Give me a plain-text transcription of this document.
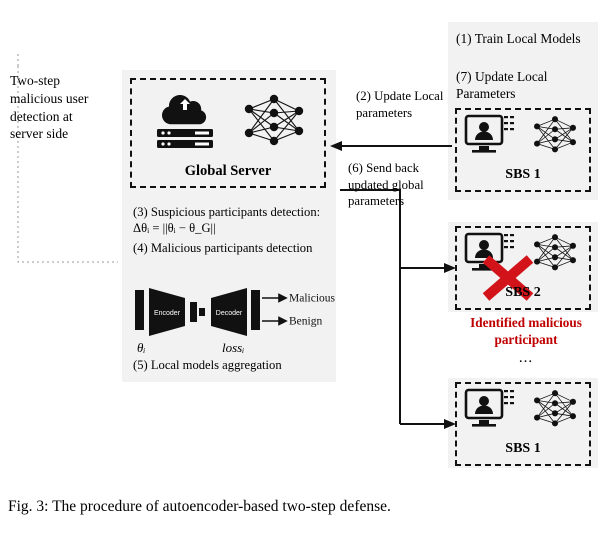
Two-step malicious user detection at server side
Global Server
(3) Suspicious participants detection: Δθᵢ = ||θᵢ − θ_G||
(4) Malicious participants detection
Encoder	Decoder
Malicious
Benign
θᵢ	lossᵢ
(5) Local models aggregation
(1) Train Local Models
(7) Update Local Parameters
SBS 1
SBS 2
Identified malicious participant
...
SBS 1
(2) Update Local parameters
(6) Send back updated global parameters
Fig. 3: The procedure of autoencoder-based two-step defense.
